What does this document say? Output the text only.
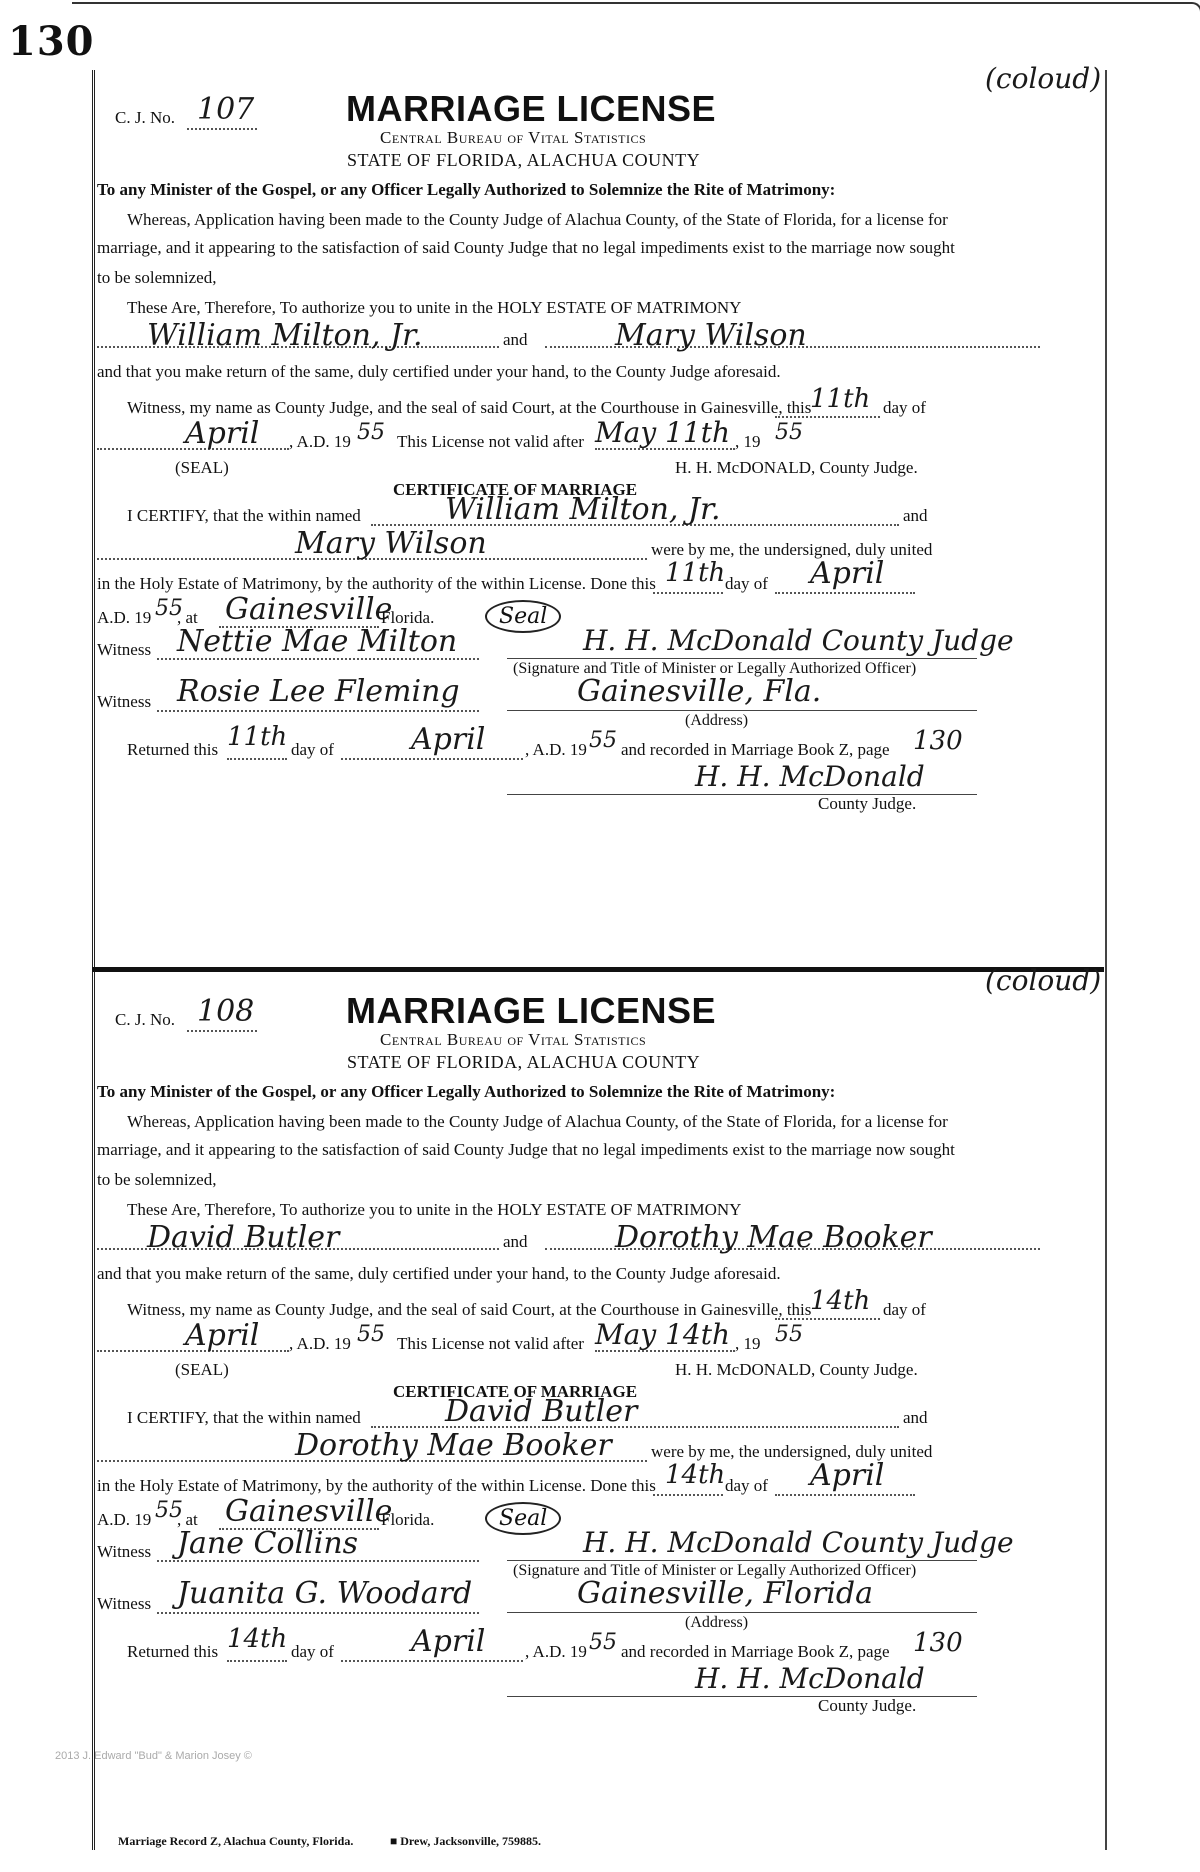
130
(coloud)
C. J. No. 107	MARRIAGE LICENSE
Central Bureau of Vital Statistics
STATE OF FLORIDA, ALACHUA COUNTY
To any Minister of the Gospel, or any Officer Legally Authorized to Solemnize the Rite of Matrimony:
Whereas, Application having been made to the County Judge of Alachua County, of the State of Florida, for a license for
marriage, and it appearing to the satisfaction of said County Judge that no legal impediments exist to the marriage now sought
to be solemnized,
These Are, Therefore, To authorize you to unite in the HOLY ESTATE OF MATRIMONY
William Milton, Jr.	and	Mary Wilson
and that you make return of the same, duly certified under your hand, to the County Judge aforesaid.
Witness, my name as County Judge, and the seal of said Court, at the Courthouse in Gainesville, this
11th day of
April , A.D. 19 55 This License not valid after May 11th , 19 55
(SEAL)	H. H. McDONALD, County Judge.
CERTIFICATE OF MARRIAGE
I CERTIFY, that the within named	William Milton, Jr.	and
Mary Wilson	were by me, the undersigned, duly united
in the Holy Estate of Matrimony, by the authority of the within License. Done this 11th day of April
A.D. 19 55
, at Gainesville
Florida.
Witness Nettie Mae Milton
Seal
H. H. McDonald County Judge
(Signature and Title of Minister or Legally Authorized Officer)
Witness Rosie Lee Fleming	Gainesville, Fla.
(Address)
Returned this 11th day of	April , A.D. 19 55 and recorded in Marriage Book Z, page 130
H. H. McDonald
County Judge.
(coloud)
C. J. No. 108	MARRIAGE LICENSE
Central Bureau of Vital Statistics
STATE OF FLORIDA, ALACHUA COUNTY
To any Minister of the Gospel, or any Officer Legally Authorized to Solemnize the Rite of Matrimony:
Whereas, Application having been made to the County Judge of Alachua County, of the State of Florida, for a license for
marriage, and it appearing to the satisfaction of said County Judge that no legal impediments exist to the marriage now sought
to be solemnized,
These Are, Therefore, To authorize you to unite in the HOLY ESTATE OF MATRIMONY
David Butler	and	Dorothy Mae Booker
and that you make return of the same, duly certified under your hand, to the County Judge aforesaid.
Witness, my name as County Judge, and the seal of said Court, at the Courthouse in Gainesville, this
14th day of
April , A.D. 19 55 This License not valid after May 14th , 19 55
(SEAL)	H. H. McDONALD, County Judge.
CERTIFICATE OF MARRIAGE
I CERTIFY, that the within named	David Butler	and
Dorothy Mae Booker were by me, the undersigned, duly united
in the Holy Estate of Matrimony, by the authority of the within License. Done this 14th day of April
A.D. 19 55
, at Gainesville
Florida.
Witness Jane Collins
Seal
H. H. McDonald County Judge
(Signature and Title of Minister or Legally Authorized Officer)
Witness Juanita G. Woodard	Gainesville, Florida
(Address)
Returned this 14th day of	April , A.D. 19 55 and recorded in Marriage Book Z, page 130
H. H. McDonald
County Judge.
Marriage Record Z, Alachua County, Florida.	■ Drew, Jacksonville, 759885.
2013 J. Edward "Bud" & Marion Josey ©
